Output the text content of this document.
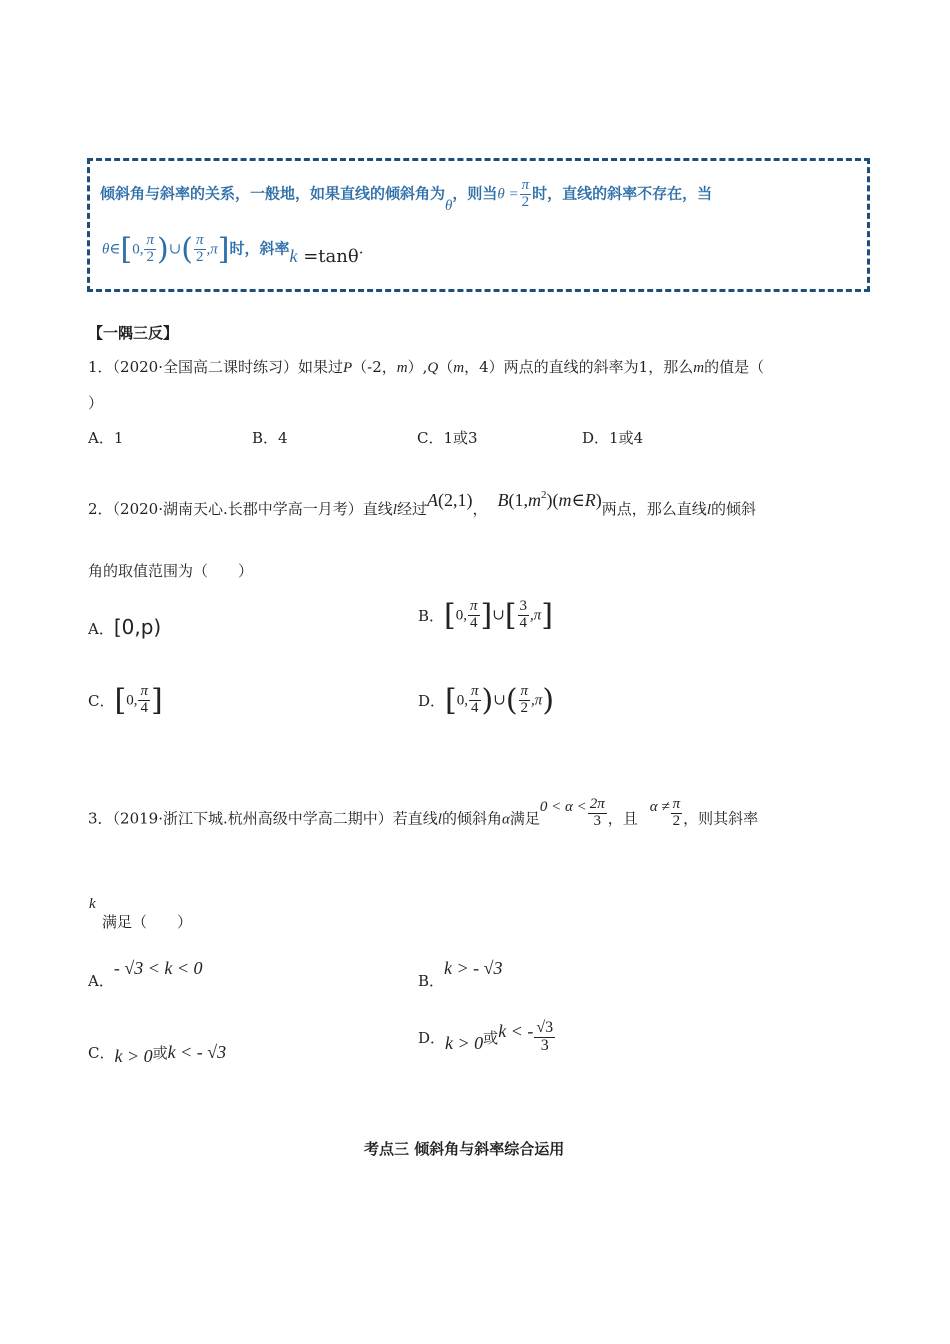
倾斜角与斜率的关系，一般地，如果直线的倾斜角为θ，则当$\theta = \frac{\pi}{2}$ 时，直线的斜率不存在，当
θ∈[0, $\frac{\pi}{2}$ )∪( $\frac{\pi}{2} ,\pi$]时，斜率k =tanθ.
【一隅三反】
1．（2020·全国高二课时练习）如果过P（-2，m）,Q（m，4）两点的直线的斜率为1，那么m的值是（
）
A．1	B．4	C．1或3	D．1或4
2．（2020·湖南天心.长郡中学高一月考）直线l经过A(2,1)， $B(1,m^2)(m\in R)$两点，那么直线l的倾斜
角的取值范围为（　　）
A．[0,p)	B．[0, $\frac{\pi}{4}$ ]∪[ $\frac{3}{4} ,\pi$]
C．[0, $\frac{\pi}{4}$ ]	D．[0, $\frac{\pi}{4}$ )∪( $\frac{\pi}{2} ,\pi$)
3．（2019·浙江下城.杭州高级中学高二期中）若直线l的倾斜角α满足$0 < \alpha < \frac{2\pi}{3}$ ，且$\alpha \ne \frac{\pi}{2}$ ，则其斜率
k
满足（　　）
A．- √3 < k < 0
B．k > - √3
C．k > 0或k < - √3
D．k > 0或k < - $\frac{√3}{3}$
考点三 倾斜角与斜率综合运用
